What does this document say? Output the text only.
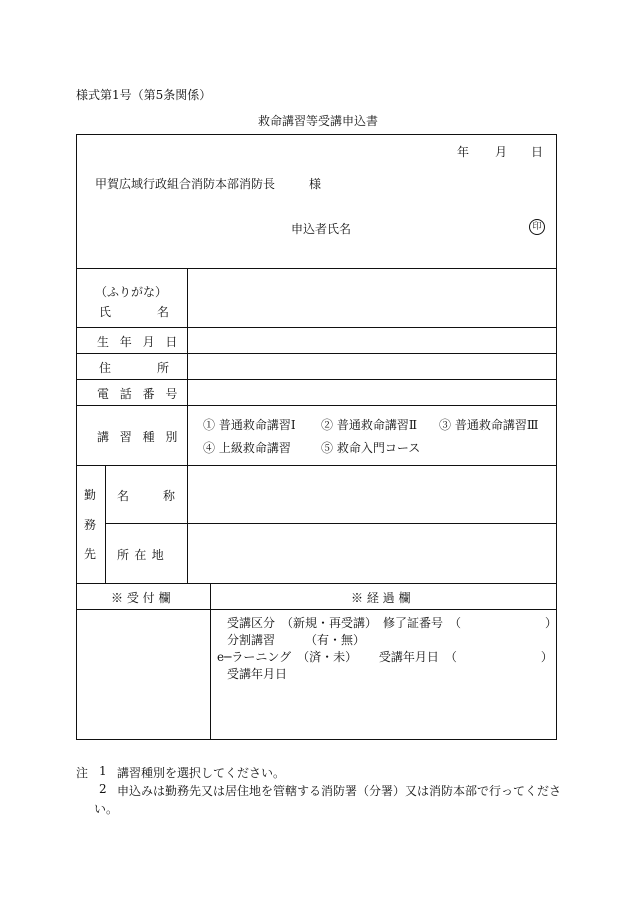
様式第1号（第5条関係）
救命講習等受講申込書
年 月 日
甲賀広域行政組合消防本部消防長	様
申込者氏名	印
（ふりがな）
氏	名
生年月日
住	所
電話番号
講習種別
① 普通救命講習Ⅰ ② 普通救命講習Ⅱ ③ 普通救命講習Ⅲ
④ 上級救命講習	⑤ 救命入門コース
勤
務
先
名	称
所在地
※ 受 付 欄	※ 経 過 欄
受講区分　（新規・再受講）　修了証番号　（　　　　　　　）
分割講習　　　（有・無）
e─ラーニング　（済・未）　　 受講年月日　（　　　　　　　）
受講年月日
注 1 講習種別を選択してください。
2 申込みは勤務先又は居住地を管轄する消防署（分署）又は消防本部で行ってくださ
い。
